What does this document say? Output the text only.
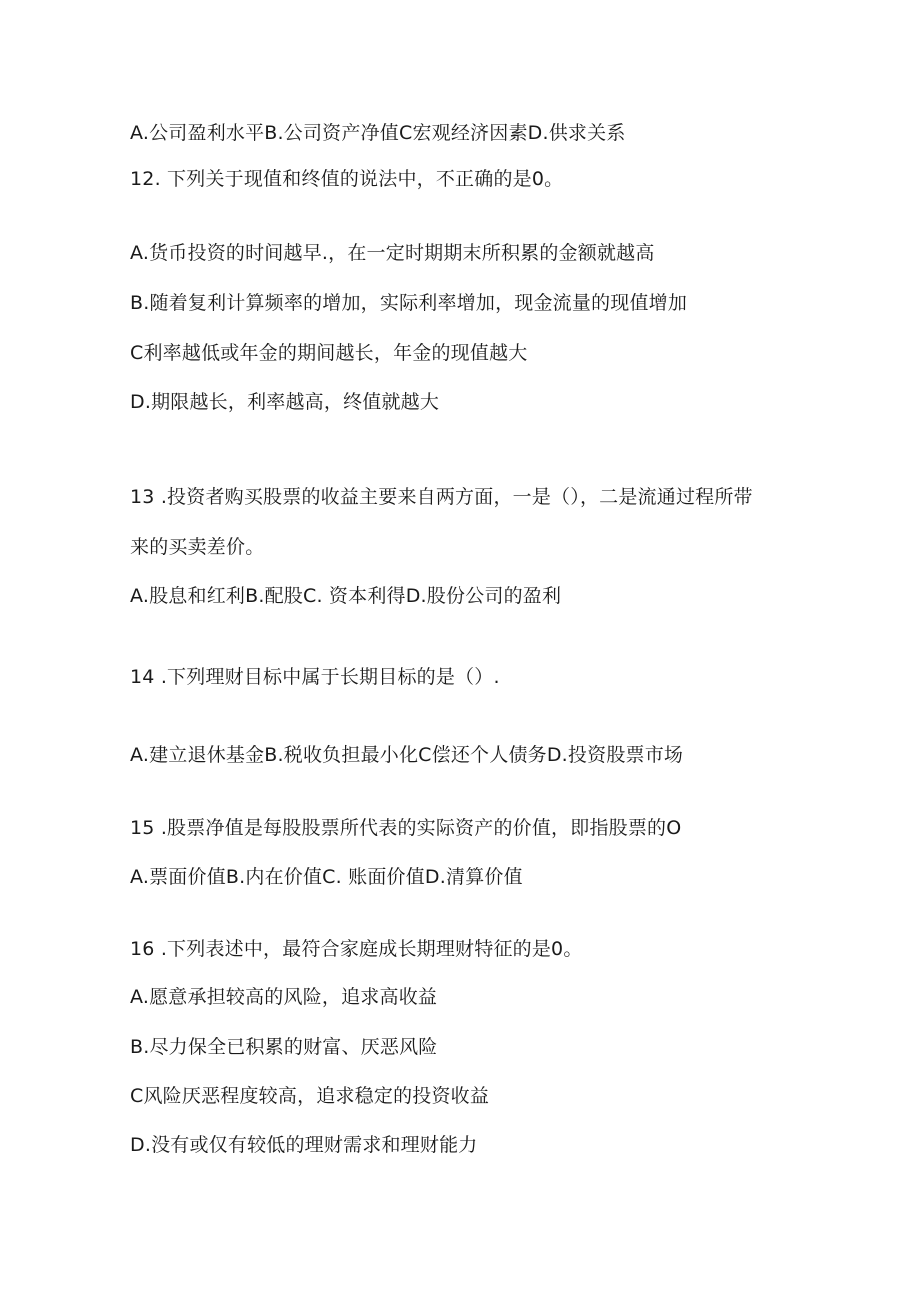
A.公司盈利水平B.公司资产净值C宏观经济因素D.供求关系
12. 下列关于现值和终值的说法中，不正确的是0。
A.货币投资的时间越早.，在一定时期期末所积累的金额就越高
B.随着复利计算频率的增加，实际利率增加，现金流量的现值增加
C利率越低或年金的期间越长，年金的现值越大
D.期限越长，利率越高，终值就越大
13 .投资者购买股票的收益主要来自两方面，一是（），二是流通过程所带
来的买卖差价。
A.股息和红利B.配股C. 资本利得D.股份公司的盈利
14 .下列理财目标中属于长期目标的是（）.
A.建立退休基金B.税收负担最小化C偿还个人债务D.投资股票市场
15 .股票净值是每股股票所代表的实际资产的价值，即指股票的O
A.票面价值B.内在价值C. 账面价值D.清算价值
16 .下列表述中，最符合家庭成长期理财特征的是0。
A.愿意承担较高的风险，追求高收益
B.尽力保全已积累的财富、厌恶风险
C风险厌恶程度较高，追求稳定的投资收益
D.没有或仅有较低的理财需求和理财能力
